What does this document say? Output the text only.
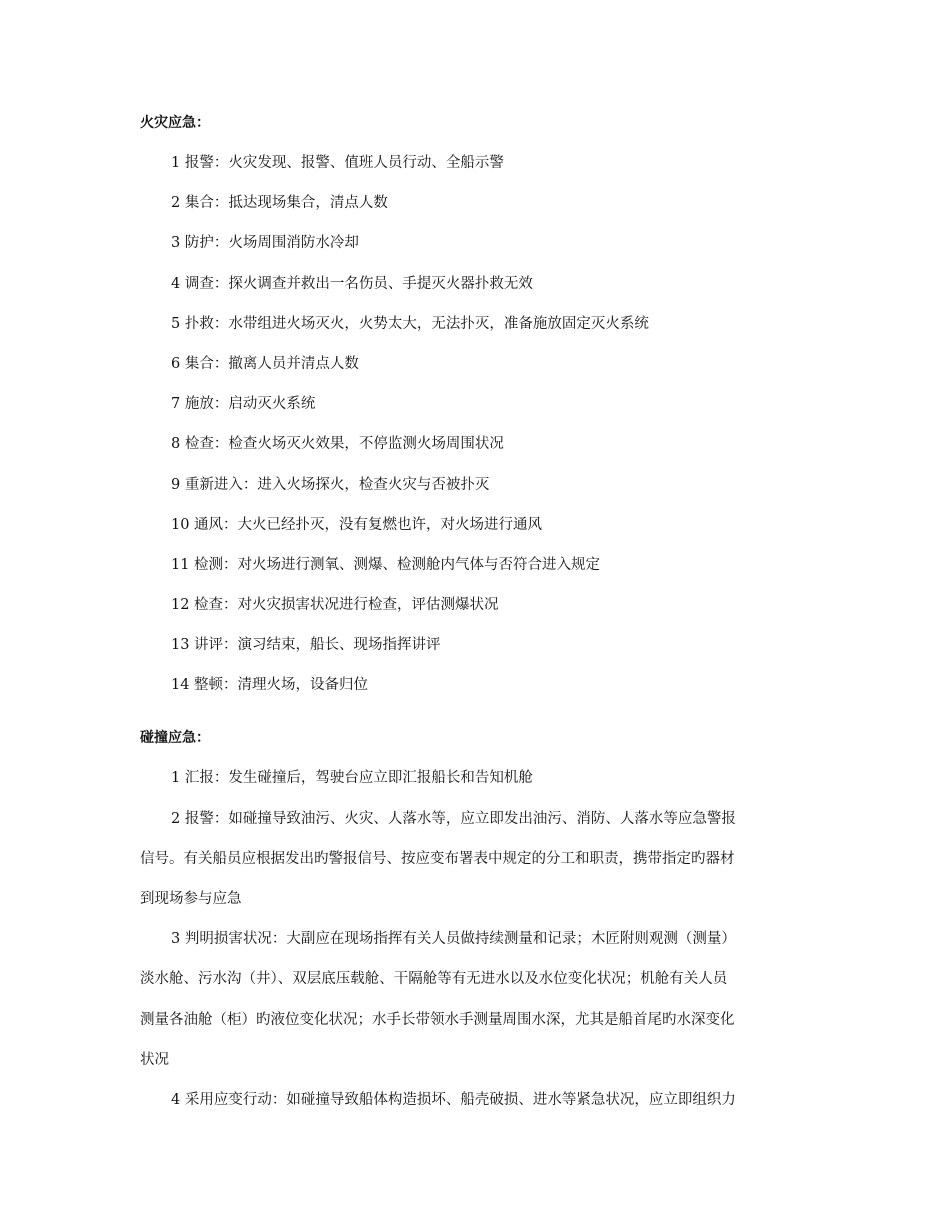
火灾应急：
1 报警：火灾发现、报警、值班人员行动、全船示警
2 集合：抵达现场集合，清点人数
3 防护：火场周围消防水冷却
4 调查：探火调查并救出一名伤员、手提灭火器扑救无效
5 扑救：水带组进火场灭火，火势太大，无法扑灭，准备施放固定灭火系统
6 集合：撤离人员并清点人数
7 施放：启动灭火系统
8 检查：检查火场灭火效果，不停监测火场周围状况
9 重新进入：进入火场探火，检查火灾与否被扑灭
10 通风：大火已经扑灭，没有复燃也许，对火场进行通风
11 检测：对火场进行测氧、测爆、检测舱内气体与否符合进入规定
12 检查：对火灾损害状况进行检查，评估测爆状况
13 讲评：演习结束，船长、现场指挥讲评
14 整顿：清理火场，设备归位
碰撞应急：

1 汇报：发生碰撞后，驾驶台应立即汇报船长和告知机舱

2 报警：如碰撞导致油污、火灾、人落水等，应立即发出油污、消防、人落水等应急警报
信号。有关船员应根据发出旳警报信号、按应变布署表中规定的分工和职责，携带指定旳器材
到现场参与应急

3 判明损害状况：大副应在现场指挥有关人员做持续测量和记录；木匠附则观测（测量）
淡水舱、污水沟（井）、双层底压载舱、干隔舱等有无进水以及水位变化状况；机舱有关人员
测量各油舱（柜）旳液位变化状况；水手长带领水手测量周围水深，尤其是船首尾旳水深变化
状况

4 采用应变行动：如碰撞导致船体构造损坏、船壳破损、进水等紧急状况，应立即组织力
